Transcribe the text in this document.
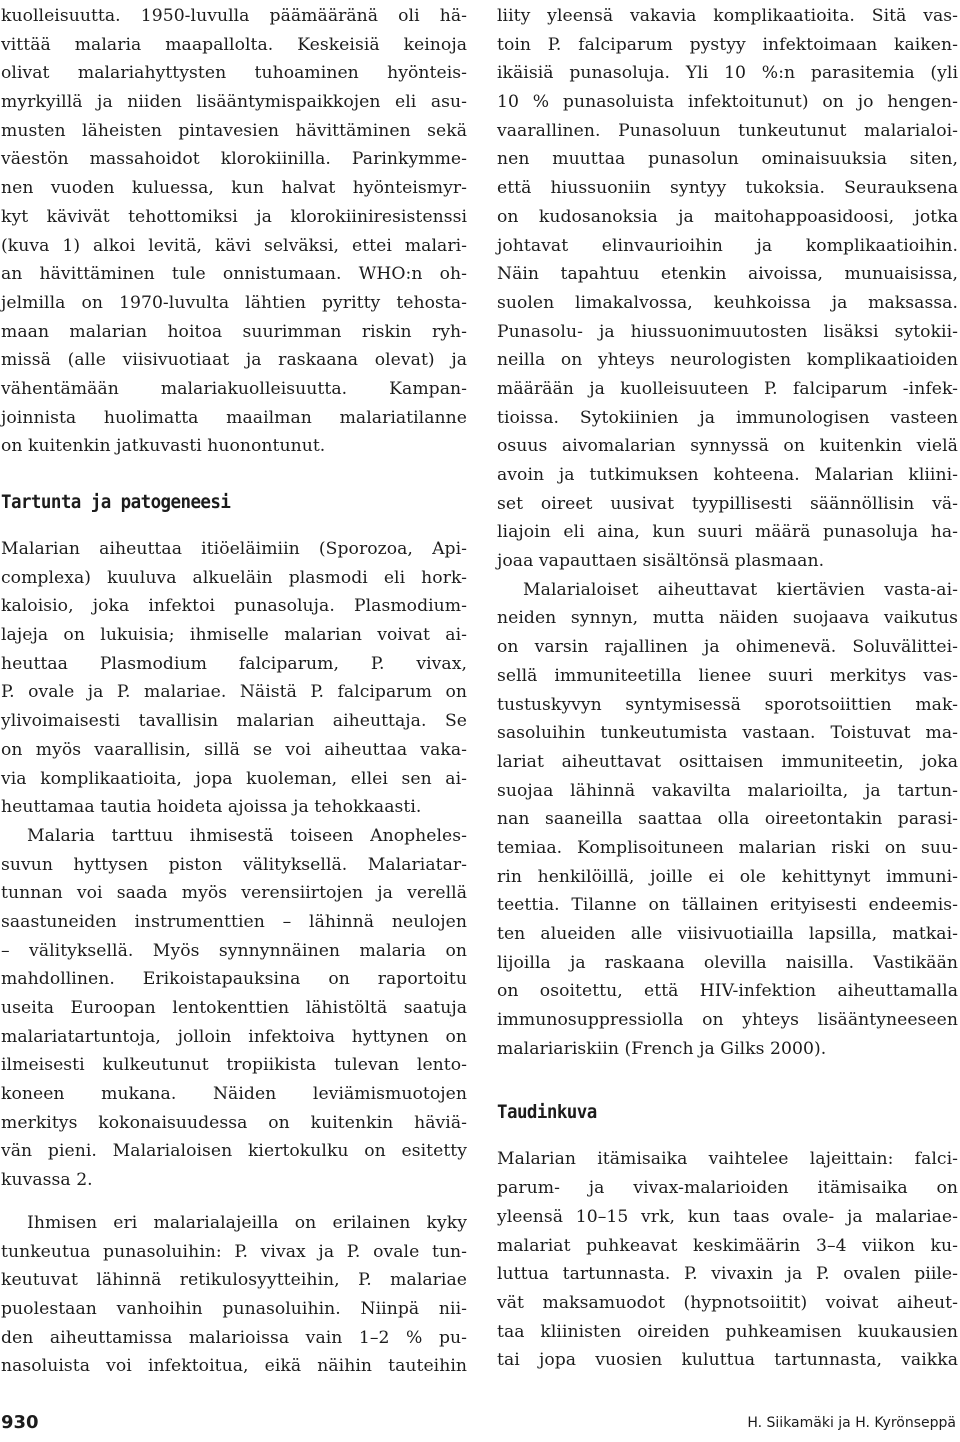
kuolleisuutta. 1950-luvulla päämääränä oli hä-
vittää malaria maapallolta. Keskeisiä keinoja
olivat malariahyttysten tuhoaminen hyönteis-
myrkyillä ja niiden lisääntymispaikkojen eli asu-
musten läheisten pintavesien hävittäminen sekä
väestön massahoidot klorokiinilla. Parinkymme-
nen vuoden kuluessa, kun halvat hyönteismyr-
kyt kävivät tehottomiksi ja klorokiiniresistenssi
(kuva 1) alkoi levitä, kävi selväksi, ettei malari-
an hävittäminen tule onnistumaan. WHO:n oh-
jelmilla on 1970-luvulta lähtien pyritty tehosta-
maan malarian hoitoa suurimman riskin ryh-
missä (alle viisivuotiaat ja raskaana olevat) ja
vähentämään malariakuolleisuutta. Kampan-
joinnista huolimatta maailman malariatilanne
on kuitenkin jatkuvasti huonontunut.
Tartunta ja patogeneesi
Malarian aiheuttaa itiöeläimiin (Sporozoa, Api-
complexa) kuuluva alkueläin plasmodi eli hork-
kaloisio, joka infektoi punasoluja. Plasmodium-
lajeja on lukuisia; ihmiselle malarian voivat ai-
heuttaa Plasmodium falciparum, P. vivax,
P. ovale ja P. malariae. Näistä P. falciparum on
ylivoimaisesti tavallisin malarian aiheuttaja. Se
on myös vaarallisin, sillä se voi aiheuttaa vaka-
via komplikaatioita, jopa kuoleman, ellei sen ai-
heuttamaa tautia hoideta ajoissa ja tehokkaasti.
Malaria tarttuu ihmisestä toiseen Anopheles-
suvun hyttysen piston välityksellä. Malariatar-
tunnan voi saada myös verensiirtojen ja verellä
saastuneiden instrumenttien – lähinnä neulojen
– välityksellä. Myös synnynnäinen malaria on
mahdollinen. Erikoistapauksina on raportoitu
useita Euroopan lentokenttien lähistöltä saatuja
malariatartuntoja, jolloin infektoiva hyttynen on
ilmeisesti kulkeutunut tropiikista tulevan lento-
koneen mukana. Näiden leviämismuotojen
merkitys kokonaisuudessa on kuitenkin häviä-
vän pieni. Malarialoisen kiertokulku on esitetty
kuvassa 2.
Ihmisen eri malarialajeilla on erilainen kyky
tunkeutua punasoluihin: P. vivax ja P. ovale tun-
keutuvat lähinnä retikulosyytteihin, P. malariae
puolestaan vanhoihin punasoluihin. Niinpä nii-
den aiheuttamissa malarioissa vain 1–2 % pu-
nasoluista voi infektoitua, eikä näihin tauteihin
liity yleensä vakavia komplikaatioita. Sitä vas-
toin P. falciparum pystyy infektoimaan kaiken-
ikäisiä punasoluja. Yli 10 %:n parasitemia (yli
10 % punasoluista infektoitunut) on jo hengen-
vaarallinen. Punasoluun tunkeutunut malarialoi-
nen muuttaa punasolun ominaisuuksia siten,
että hiussuoniin syntyy tukoksia. Seurauksena
on kudosanoksia ja maitohappoasidoosi, jotka
johtavat elinvaurioihin ja komplikaatioihin.
Näin tapahtuu etenkin aivoissa, munuaisissa,
suolen limakalvossa, keuhkoissa ja maksassa.
Punasolu- ja hiussuonimuutosten lisäksi sytokii-
neilla on yhteys neurologisten komplikaatioiden
määrään ja kuolleisuuteen P. falciparum -infek-
tioissa. Sytokiinien ja immunologisen vasteen
osuus aivomalarian synnyssä on kuitenkin vielä
avoin ja tutkimuksen kohteena. Malarian kliini-
set oireet uusivat tyypillisesti säännöllisin vä-
liajoin eli aina, kun suuri määrä punasoluja ha-
joaa vapauttaen sisältönsä plasmaan.
Malarialoiset aiheuttavat kiertävien vasta-ai-
neiden synnyn, mutta näiden suojaava vaikutus
on varsin rajallinen ja ohimenevä. Soluvälittei-
sellä immuniteetilla lienee suuri merkitys vas-
tustuskyvyn syntymisessä sporotsoiittien mak-
sasoluihin tunkeutumista vastaan. Toistuvat ma-
lariat aiheuttavat osittaisen immuniteetin, joka
suojaa lähinnä vakavilta malarioilta, ja tartun-
nan saaneilla saattaa olla oireetontakin parasi-
temiaa. Komplisoituneen malarian riski on suu-
rin henkilöillä, joille ei ole kehittynyt immuni-
teettia. Tilanne on tällainen erityisesti endeemis-
ten alueiden alle viisivuotiailla lapsilla, matkai-
lijoilla ja raskaana olevilla naisilla. Vastikään
on osoitettu, että HIV-infektion aiheuttamalla
immunosuppressiolla on yhteys lisääntyneeseen
malariariskiin (French ja Gilks 2000).
Taudinkuva
Malarian itämisaika vaihtelee lajeittain: falci-
parum- ja vivax-malarioiden itämisaika on
yleensä 10–15 vrk, kun taas ovale- ja malariae-
malariat puhkeavat keskimäärin 3–4 viikon ku-
luttua tartunnasta. P. vivaxin ja P. ovalen piile-
vät maksamuodot (hypnotsoiitit) voivat aiheut-
taa kliinisten oireiden puhkeamisen kuukausien
tai jopa vuosien kuluttua tartunnasta, vaikka
930	H. Siikamäki ja H. Kyrönseppä
